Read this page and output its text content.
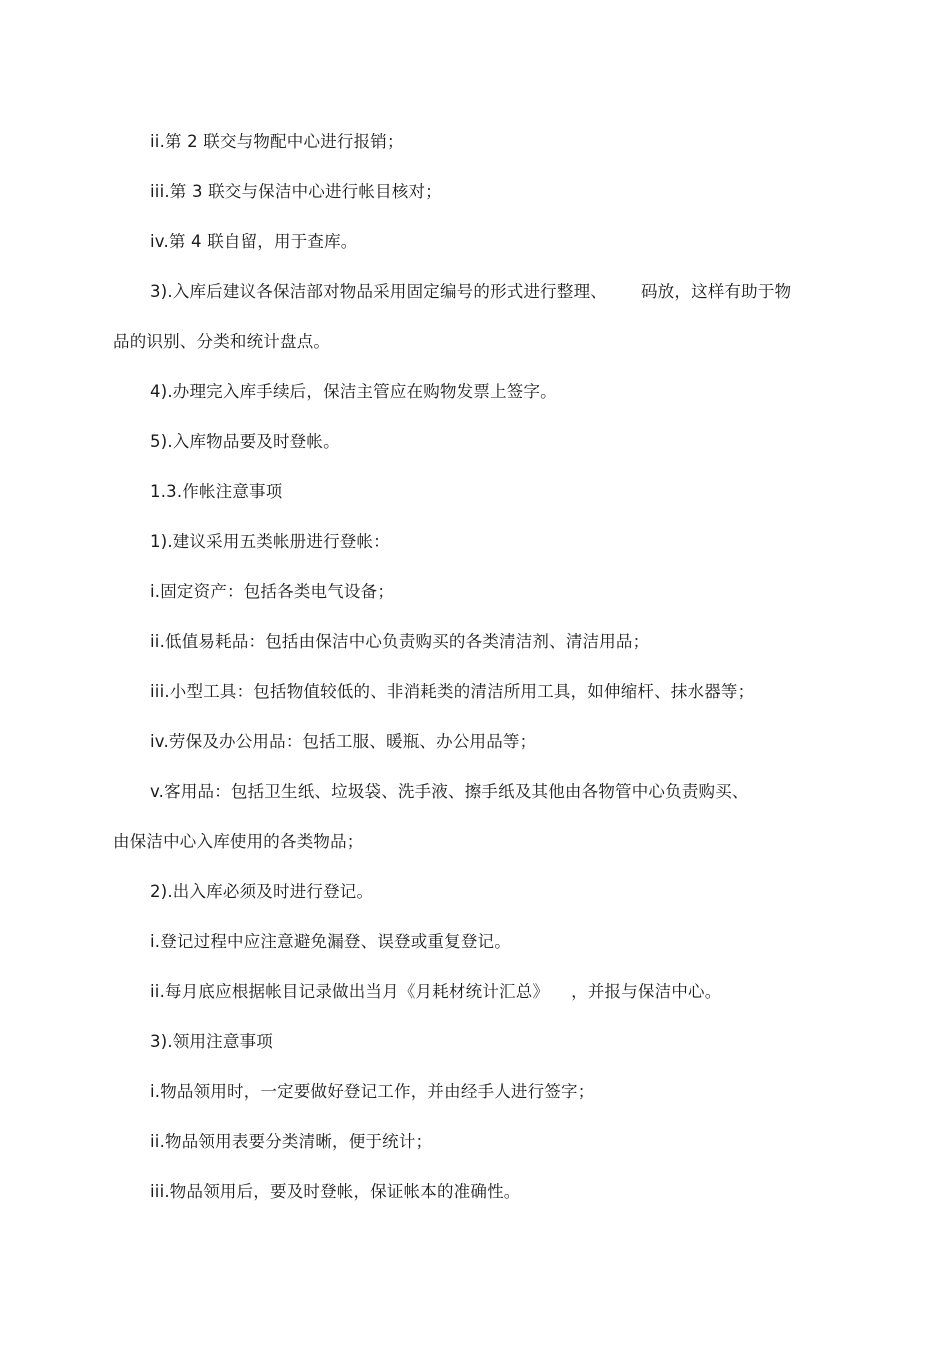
ii.第 2 联交与物配中心进行报销；
iii.第 3 联交与保洁中心进行帐目核对；
iv.第 4 联自留，用于查库。
3).入库后建议各保洁部对物品采用固定编号的形式进行整理、 码放，这样有助于物
品的识别、分类和统计盘点。
4).办理完入库手续后，保洁主管应在购物发票上签字。
5).入库物品要及时登帐。
1.3.作帐注意事项
1).建议采用五类帐册进行登帐：
i.固定资产：包括各类电气设备；
ii.低值易耗品：包括由保洁中心负责购买的各类清洁剂、清洁用品；
iii.小型工具：包括物值较低的、非消耗类的清洁所用工具，如伸缩杆、抹水器等；
iv.劳保及办公用品：包括工服、暖瓶、办公用品等；
v.客用品：包括卫生纸、垃圾袋、洗手液、擦手纸及其他由各物管中心负责购买、
由保洁中心入库使用的各类物品；
2).出入库必须及时进行登记。
i.登记过程中应注意避免漏登、误登或重复登记。
ii.每月底应根据帐目记录做出当月《月耗材统计汇总》 ，并报与保洁中心。
3).领用注意事项
i.物品领用时，一定要做好登记工作，并由经手人进行签字；
ii.物品领用表要分类清晰，便于统计；
iii.物品领用后，要及时登帐，保证帐本的准确性。
